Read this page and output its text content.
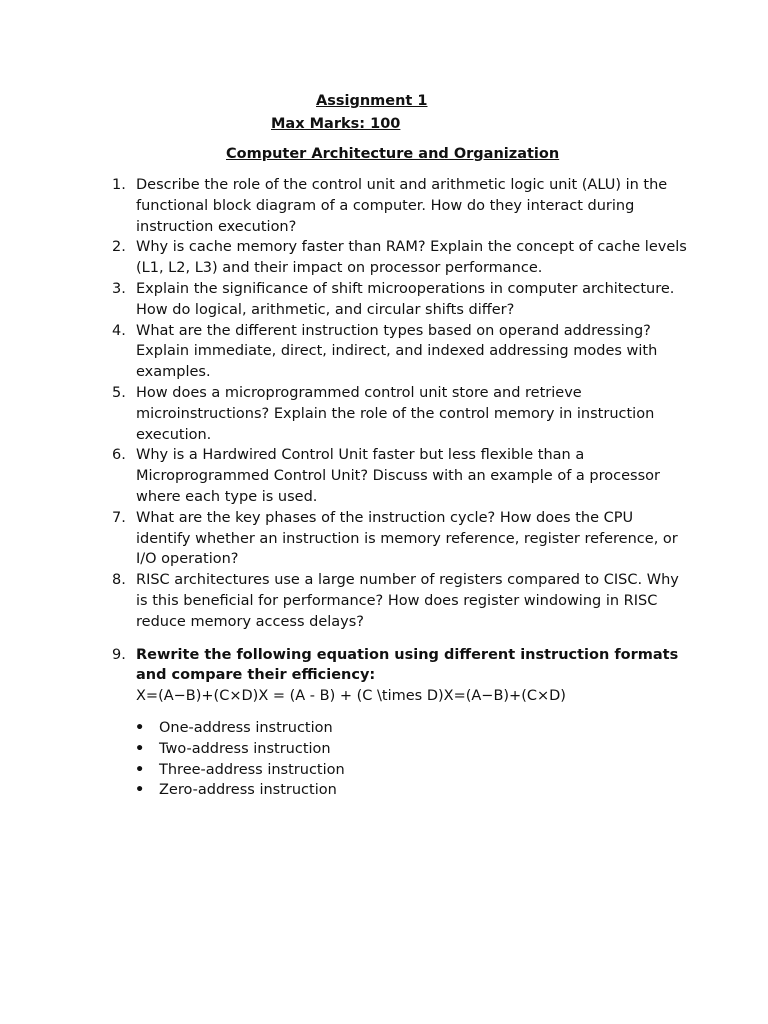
Assignment 1
Max Marks: 100
Computer Architecture and Organization
1. Describe the role of the control unit and arithmetic logic unit (ALU) in the functional block diagram of a computer. How do they interact during instruction execution?
2. Why is cache memory faster than RAM? Explain the concept of cache levels (L1, L2, L3) and their impact on processor performance.
3. Explain the significance of shift microoperations in computer architecture. How do logical, arithmetic, and circular shifts differ?
4. What are the different instruction types based on operand addressing? Explain immediate, direct, indirect, and indexed addressing modes with examples.
5. How does a microprogrammed control unit store and retrieve microinstructions? Explain the role of the control memory in instruction execution.
6. Why is a Hardwired Control Unit faster but less flexible than a Microprogrammed Control Unit? Discuss with an example of a processor where each type is used.
7. What are the key phases of the instruction cycle? How does the CPU identify whether an instruction is memory reference, register reference, or I/O operation?
8. RISC architectures use a large number of registers compared to CISC. Why is this beneficial for performance? How does register windowing in RISC reduce memory access delays?
9. Rewrite the following equation using different instruction formats and compare their efficiency:
X=(A−B)+(C×D)X = (A - B) + (C \times D)X=(A−B)+(C×D)
• One-address instruction
• Two-address instruction
• Three-address instruction
• Zero-address instruction
